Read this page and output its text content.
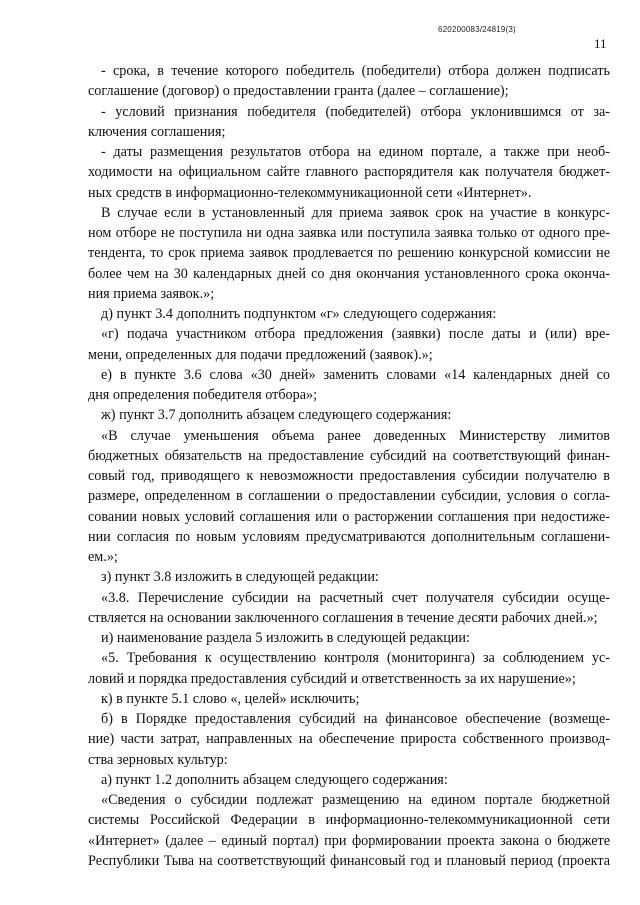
620200083/24819(3)
11
- срока, в течение которого победитель (победители) отбора должен подписать
соглашение (договор) о предоставлении гранта (далее – соглашение);
- условий признания победителя (победителей) отбора уклонившимся от за-
ключения соглашения;
- даты размещения результатов отбора на едином портале, а также при необ-
ходимости на официальном сайте главного распорядителя как получателя бюджет-
ных средств в информационно-телекоммуникационной сети «Интернет».
В случае если в установленный для приема заявок срок на участие в конкурс-
ном отборе не поступила ни одна заявка или поступила заявка только от одного пре-
тендента, то срок приема заявок продлевается по решению конкурсной комиссии не
более чем на 30 календарных дней со дня окончания установленного срока оконча-
ния приема заявок.»;
д) пункт 3.4 дополнить подпунктом «г» следующего содержания:
«г) подача участником отбора предложения (заявки) после даты и (или) вре-
мени, определенных для подачи предложений (заявок).»;
е) в пункте 3.6 слова «30 дней» заменить словами «14 календарных дней со
дня определения победителя отбора»;
ж) пункт 3.7 дополнить абзацем следующего содержания:
«В случае уменьшения объема ранее доведенных Министерству лимитов
бюджетных обязательств на предоставление субсидий на соответствующий финан-
совый год, приводящего к невозможности предоставления субсидии получателю в
размере, определенном в соглашении о предоставлении субсидии, условия о согла-
совании новых условий соглашения или о расторжении соглашения при недостиже-
нии согласия по новым условиям предусматриваются дополнительным соглашени-
ем.»;
з) пункт 3.8 изложить в следующей редакции:
«3.8. Перечисление субсидии на расчетный счет получателя субсидии осуще-
ствляется на основании заключенного соглашения в течение десяти рабочих дней.»;
и) наименование раздела 5 изложить в следующей редакции:
«5. Требования к осуществлению контроля (мониторинга) за соблюдением ус-
ловий и порядка предоставления субсидий и ответственность за их нарушение»;
к) в пункте 5.1 слово «, целей» исключить;
б) в Порядке предоставления субсидий на финансовое обеспечение (возмеще-
ние) части затрат, направленных на обеспечение прироста собственного производ-
ства зерновых культур:
а) пункт 1.2 дополнить абзацем следующего содержания:
«Сведения о субсидии подлежат размещению на едином портале бюджетной
системы Российской Федерации в информационно-телекоммуникационной сети
«Интернет» (далее – единый портал) при формировании проекта закона о бюджете
Республики Тыва на соответствующий финансовый год и плановый период (проекта
